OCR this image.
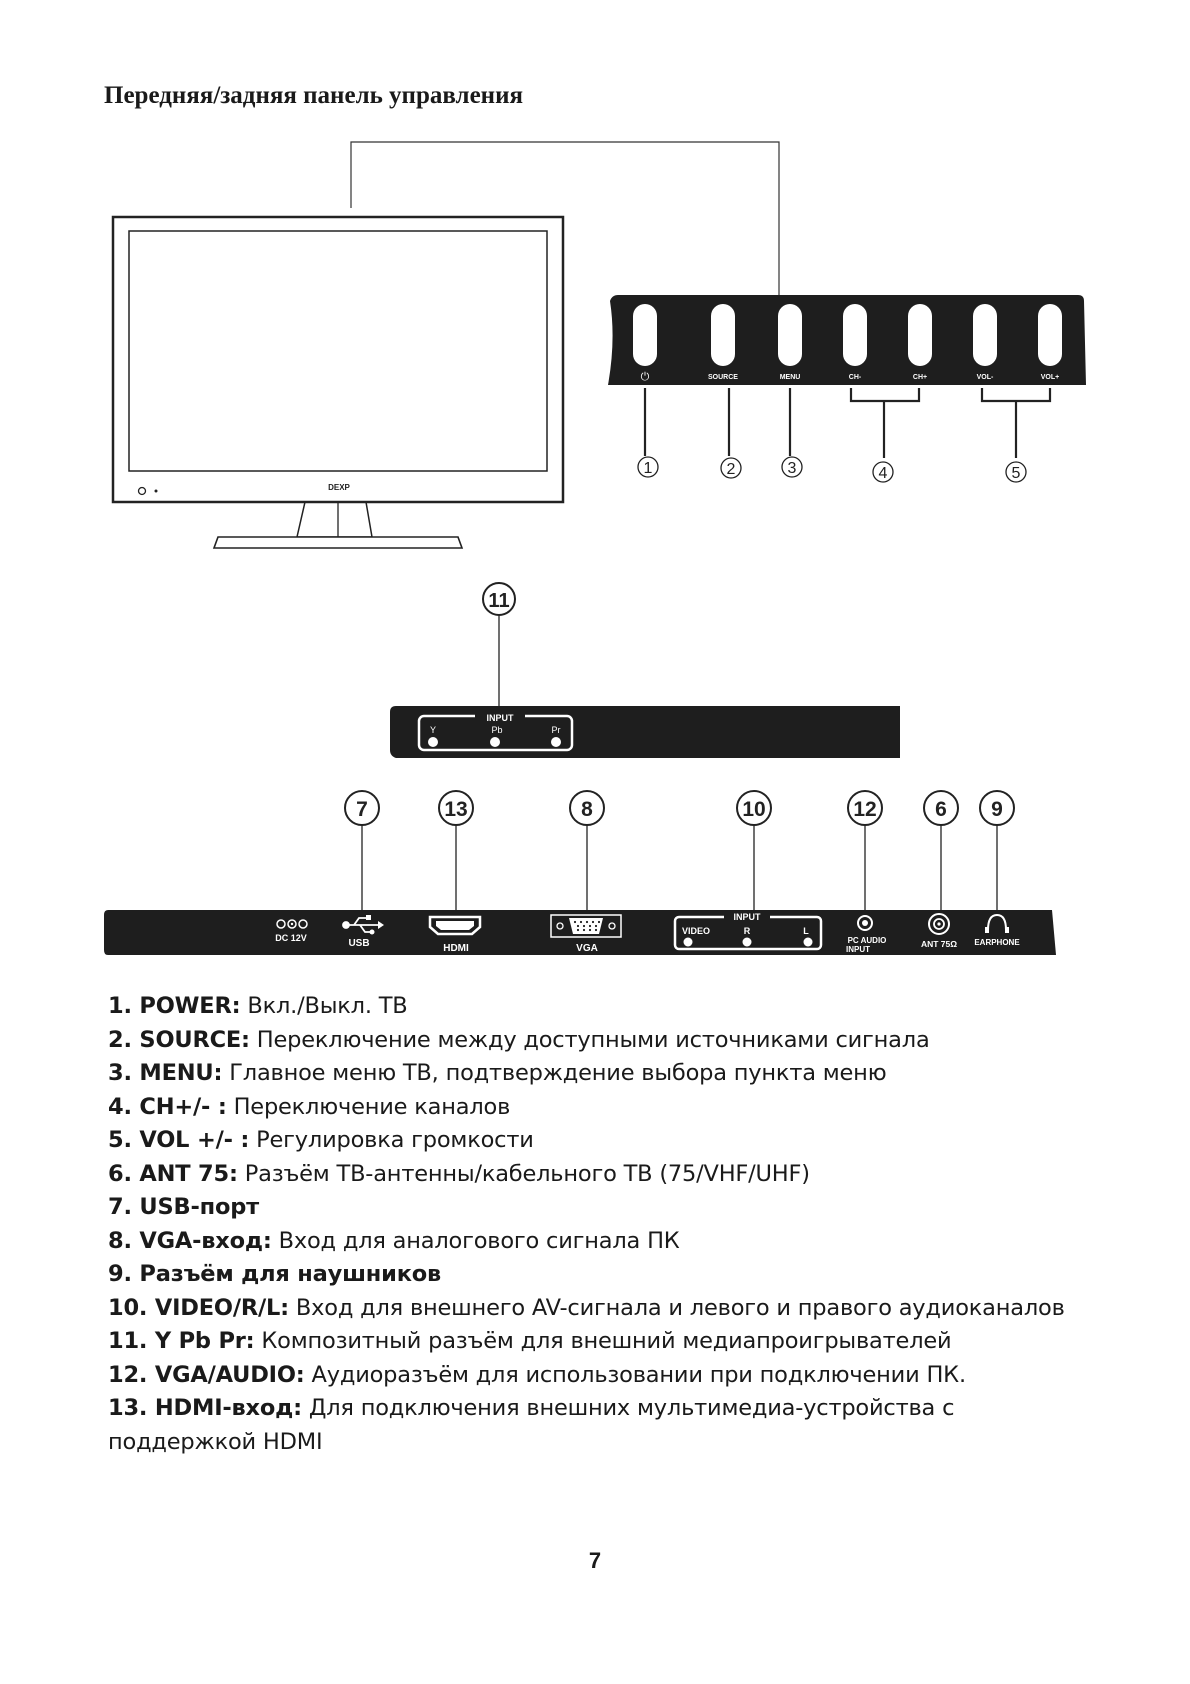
Передняя/задняя панель управления
DEXP
⏻	SOURCE	MENU	CH-	CH+	VOL-	VOL+
1	2	3	4	5
11
INPUT
Y	Pb	Pr
7	13	8	10	12	6 9
DC 12V	USB	HDMI	VGA
INPUT
VIDEO	R	L
PC AUDIO
INPUT
ANT 75Ω EARPHONE
1. POWER: Вкл./Выкл. ТВ
2. SOURCE: Переключение между доступными источниками сигнала
3. MENU: Главное меню ТВ, подтверждение выбора пункта меню
4. CH+/- : Переключение каналов
5. VOL +/- : Регулировка громкости
6. ANT 75: Разъём ТВ-антенны/кабельного ТВ (75/VHF/UHF)
7. USB-порт
8. VGA-вход: Вход для аналогового сигнала ПК
9. Разъём для наушников
10. VIDEO/R/L: Вход для внешнего AV-сигнала и левого и правого аудиоканалов
11. Y Pb Pr: Композитный разъём для внешний медиапроигрывателей
12. VGA/AUDIO: Аудиоразъём для использовании при подключении ПК.
13. HDMI-вход: Для подключения внешних мультимедиа-устройства с поддержкой HDMI
7
